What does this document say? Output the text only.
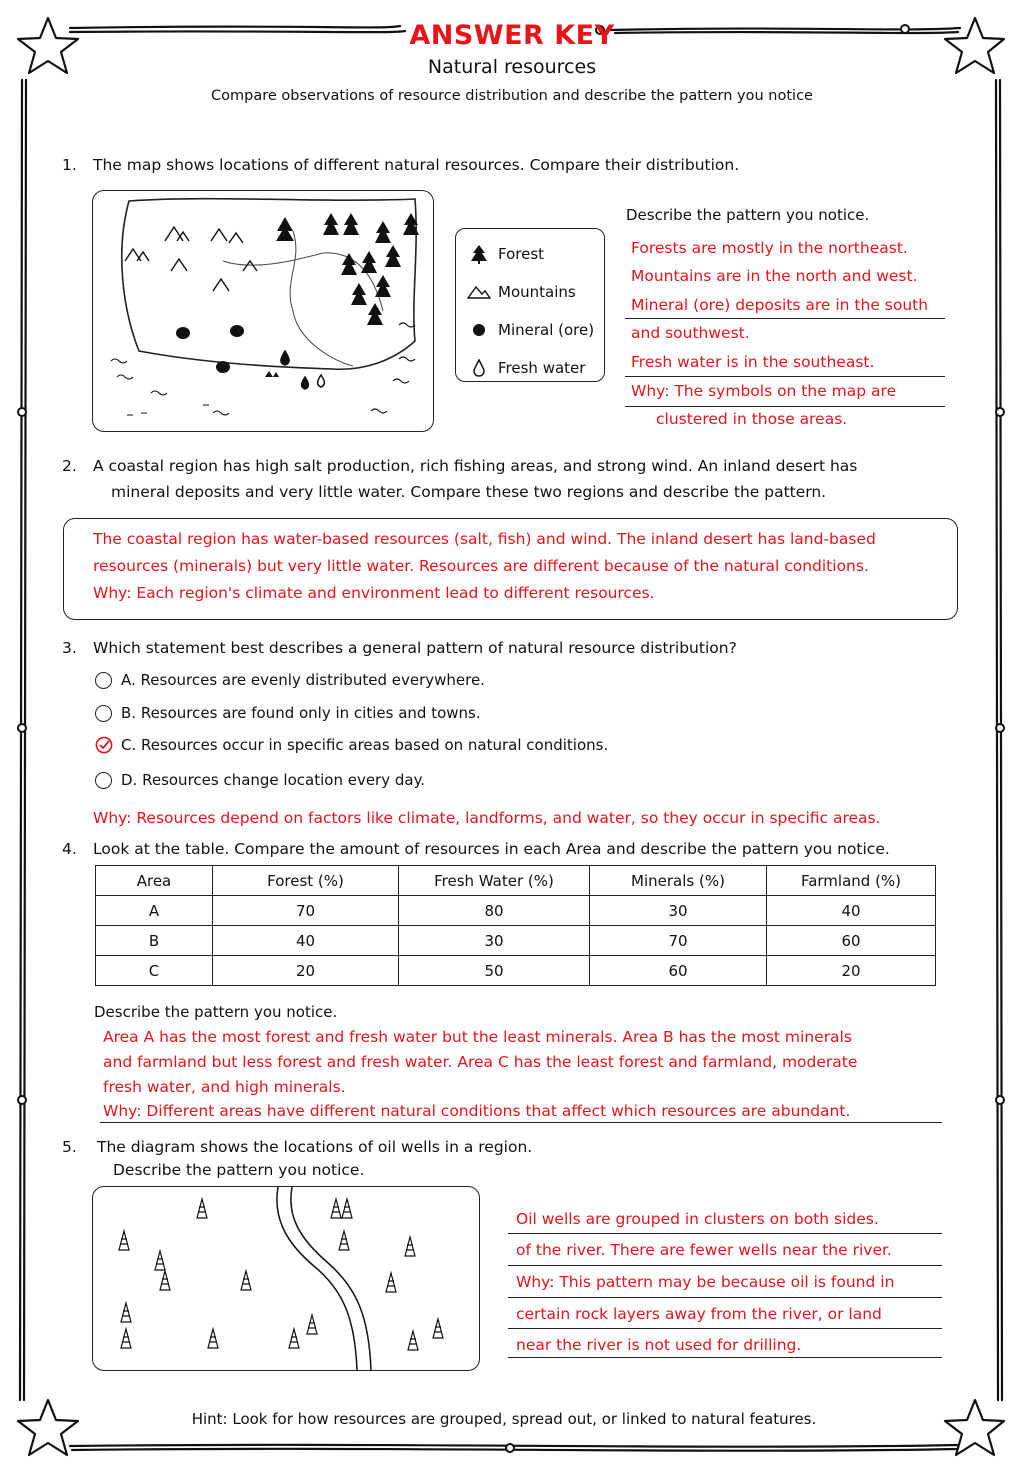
ANSWER KEY
Natural resources
Compare observations of resource distribution and describe the pattern you notice
1. The map shows locations of different natural resources. Compare their distribution.
Forest
Mountains
Mineral (ore)
Fresh water
Describe the pattern you notice.
Forests are mostly in the northeast.
Mountains are in the north and west.
Mineral (ore) deposits are in the south
and southwest.
Fresh water is in the southeast.
Why: The symbols on the map are
clustered in those areas.
2. A coastal region has high salt production, rich fishing areas, and strong wind. An inland desert has
mineral deposits and very little water. Compare these two regions and describe the pattern.
The coastal region has water-based resources (salt, fish) and wind. The inland desert has land-based
resources (minerals) but very little water. Resources are different because of the natural conditions.
Why: Each region's climate and environment lead to different resources.
3. Which statement best describes a general pattern of natural resource distribution?
A. Resources are evenly distributed everywhere.
B. Resources are found only in cities and towns.
C. Resources occur in specific areas based on natural conditions.
D. Resources change location every day.
Why: Resources depend on factors like climate, landforms, and water, so they occur in specific areas.
4. Look at the table. Compare the amount of resources in each Area and describe the pattern you notice.
Area	Forest (%)	Fresh Water (%)	Minerals (%)	Farmland (%)
A	70	80	30	40
B	40	30	70	60
C	20	50	60	20
Describe the pattern you notice.
Area A has the most forest and fresh water but the least minerals. Area B has the most minerals
and farmland but less forest and fresh water. Area C has the least forest and farmland, moderate
fresh water, and high minerals.
Why: Different areas have different natural conditions that affect which resources are abundant.
5. The diagram shows the locations of oil wells in a region.
Describe the pattern you notice.
Oil wells are grouped in clusters on both sides.
of the river. There are fewer wells near the river.
Why: This pattern may be because oil is found in
certain rock layers away from the river, or land
near the river is not used for drilling.
Hint: Look for how resources are grouped, spread out, or linked to natural features.
